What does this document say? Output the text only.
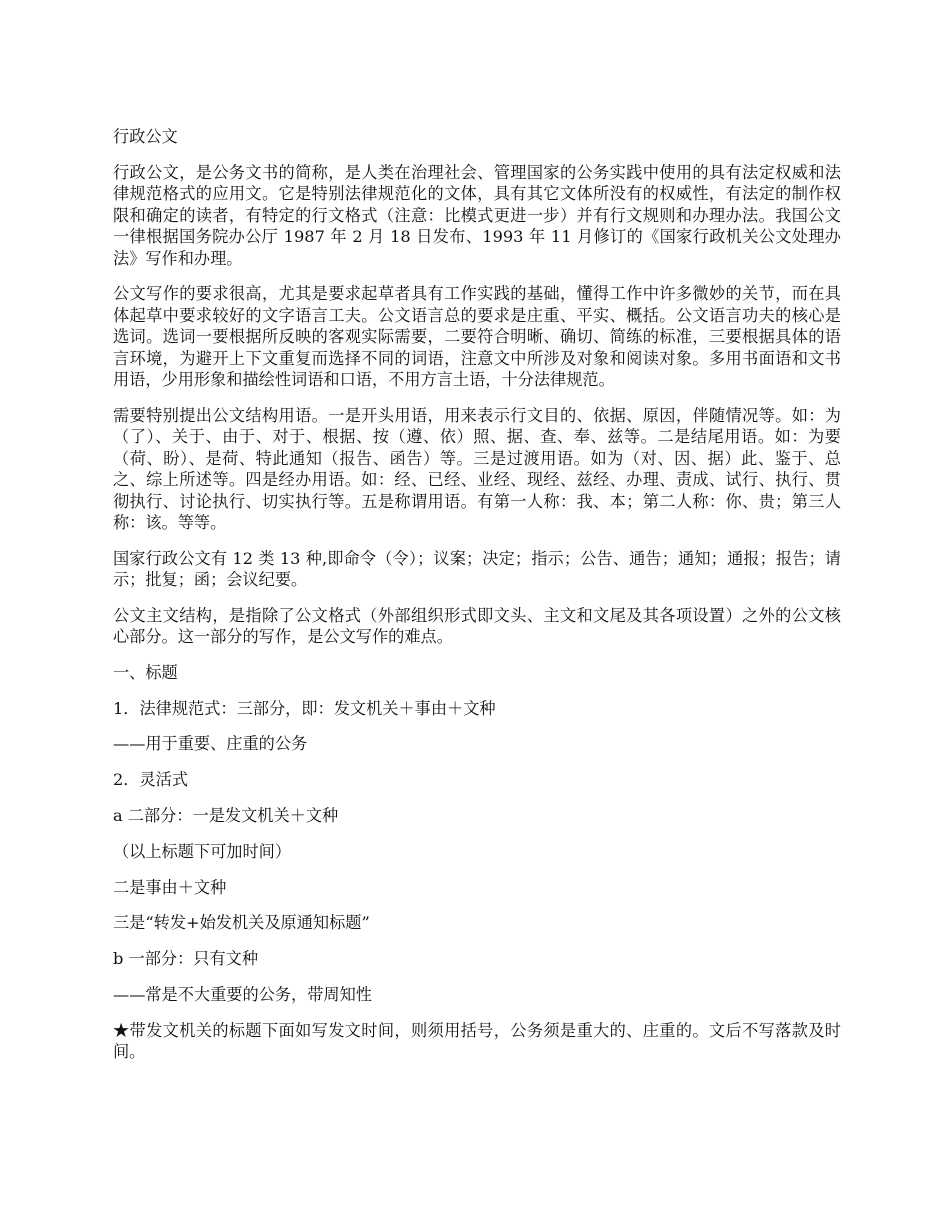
行政公文

行政公文，是公务文书的简称，是人类在治理社会、管理国家的公务实践中使用的具有法定权威和法律规范格式的应用文。它是特别法律规范化的文体，具有其它文体所没有的权威性，有法定的制作权限和确定的读者，有特定的行文格式（注意：比模式更进一步）并有行文规则和办理办法。我国公文一律根据国务院办公厅 1987 年 2 月 18 日发布、1993 年 11 月修订的《国家行政机关公文处理办法》写作和办理。

公文写作的要求很高，尤其是要求起草者具有工作实践的基础，懂得工作中许多微妙的关节，而在具体起草中要求较好的文字语言工夫。公文语言总的要求是庄重、平实、概括。公文语言功夫的核心是选词。选词一要根据所反映的客观实际需要，二要符合明晰、确切、简练的标准，三要根据具体的语言环境，为避开上下文重复而选择不同的词语，注意文中所涉及对象和阅读对象。多用书面语和文书用语，少用形象和描绘性词语和口语，不用方言土语，十分法律规范。

需要特别提出公文结构用语。一是开头用语，用来表示行文目的、依据、原因，伴随情况等。如：为（了）、关于、由于、对于、根据、按（遵、依）照、据、查、奉、兹等。二是结尾用语。如：为要（荷、盼）、是荷、特此通知（报告、函告）等。三是过渡用语。如为（对、因、据）此、鉴于、总之、综上所述等。四是经办用语。如：经、已经、业经、现经、兹经、办理、责成、试行、执行、贯彻执行、讨论执行、切实执行等。五是称谓用语。有第一人称：我、本；第二人称：你、贵；第三人称：该。等等。

国家行政公文有 12 类 13 种,即命令（令）；议案；决定；指示；公告、通告；通知；通报；报告；请示；批复；函；会议纪要。

公文主文结构，是指除了公文格式（外部组织形式即文头、主文和文尾及其各项设置）之外的公文核心部分。这一部分的写作，是公文写作的难点。

一、标题

1．法律规范式：三部分，即：发文机关＋事由＋文种

——用于重要、庄重的公务

2．灵活式

a 二部分：一是发文机关＋文种

（以上标题下可加时间）

二是事由＋文种

三是“转发+始发机关及原通知标题”

b 一部分：只有文种

——常是不大重要的公务，带周知性

★带发文机关的标题下面如写发文时间，则须用括号，公务须是重大的、庄重的。文后不写落款及时间。
